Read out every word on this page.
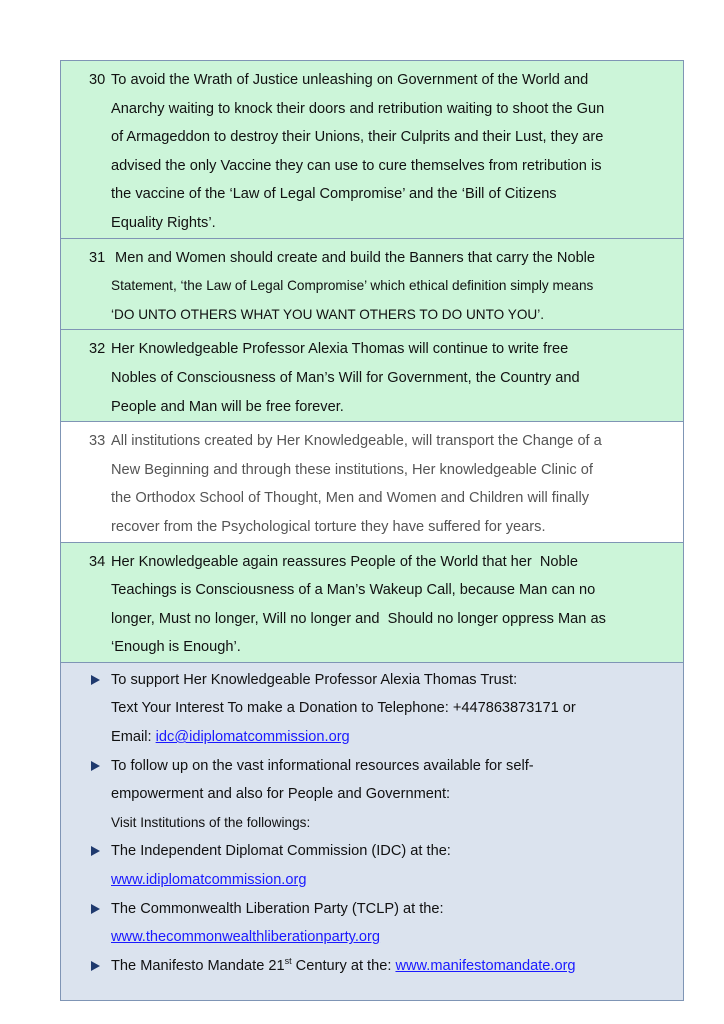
30 To avoid the Wrath of Justice unleashing on Government of the World and
Anarchy waiting to knock their doors and retribution waiting to shoot the Gun
of Armageddon to destroy their Unions, their Culprits and their Lust, they are
advised the only Vaccine they can use to cure themselves from retribution is
the vaccine of the ‘Law of Legal Compromise’ and the ‘Bill of Citizens
Equality Rights’.
31 Men and Women should create and build the Banners that carry the Noble
Statement, ‘the Law of Legal Compromise’ which ethical definition simply means
‘DO UNTO OTHERS WHAT YOU WANT OTHERS TO DO UNTO YOU’.
32 Her Knowledgeable Professor Alexia Thomas will continue to write free
Nobles of Consciousness of Man’s Will for Government, the Country and
People and Man will be free forever.
33 All institutions created by Her Knowledgeable, will transport the Change of a
New Beginning and through these institutions, Her knowledgeable Clinic of
the Orthodox School of Thought, Men and Women and Children will finally
recover from the Psychological torture they have suffered for years.
34 Her Knowledgeable again reassures People of the World that her  Noble
Teachings is Consciousness of a Man’s Wakeup Call, because Man can no
longer, Must no longer, Will no longer and  Should no longer oppress Man as
‘Enough is Enough’.
To support Her Knowledgeable Professor Alexia Thomas Trust:
Text Your Interest To make a Donation to Telephone: +447863873171 or
Email: idc@idiplomatcommission.org
To follow up on the vast informational resources available for self-
empowerment and also for People and Government:
Visit Institutions of the followings:
The Independent Diplomat Commission (IDC) at the:
www.idiplomatcommission.org
The Commonwealth Liberation Party (TCLP) at the:
www.thecommonwealthliberationparty.org
The Manifesto Mandate 21st Century at the: www.manifestomandate.org
